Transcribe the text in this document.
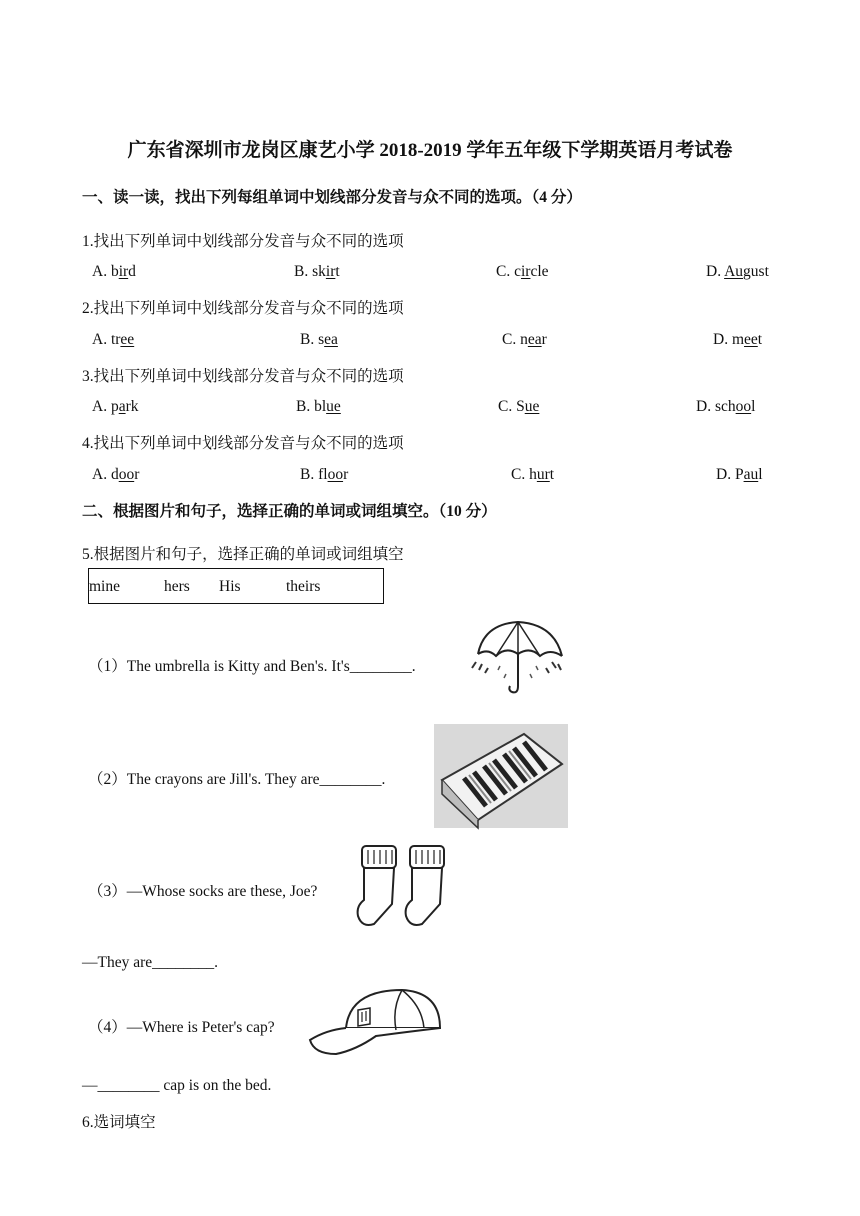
广东省深圳市龙岗区康艺小学 2018-2019 学年五年级下学期英语月考试卷
一、读一读，找出下列每组单词中划线部分发音与众不同的选项。（4 分）
1.找出下列单词中划线部分发音与众不同的选项
A. bird	B. skirt	C. circle	D. August
2.找出下列单词中划线部分发音与众不同的选项
A. tree	B. sea	C. near	D. meet
3.找出下列单词中划线部分发音与众不同的选项
A. park	B. blue	C. Sue	D. school
4.找出下列单词中划线部分发音与众不同的选项
A. door	B. floor	C. hurt	D. Paul
二、根据图片和句子，选择正确的单词或词组填空。（10 分）
5.根据图片和句子，选择正确的单词或词组填空
mine	hers His	theirs
（1）The umbrella is Kitty and Ben's. It's________.
（2）The crayons are Jill's. They are________.
（3）—Whose socks are these, Joe?
—They are________.
（4）—Where is Peter's cap?
—________ cap is on the bed.
6.选词填空
